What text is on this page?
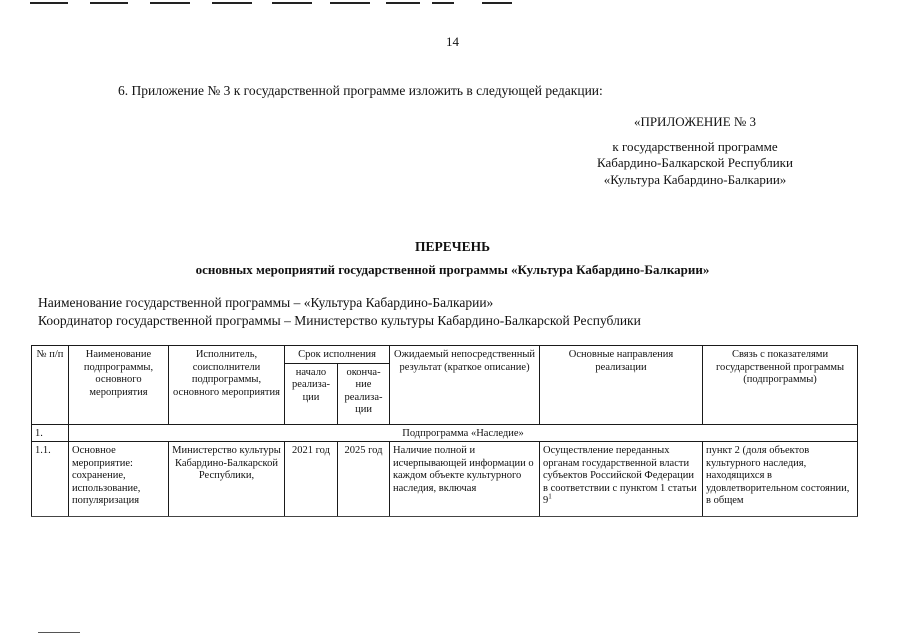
14
6. Приложение № 3 к государственной программе изложить в следующей редакции:
«ПРИЛОЖЕНИЕ № 3
к государственной программе
Кабардино-Балкарской Республики
«Культура Кабардино-Балкарии»
ПЕРЕЧЕНЬ
основных мероприятий государственной программы «Культура Кабардино-Балкарии»
Наименование государственной программы – «Культура Кабардино-Балкарии»
Координатор государственной программы – Министерство культуры Кабардино-Балкарской Республики
№ п/п	Наименование подпрограммы, основного мероприятия	Исполнитель, соисполнители подпрограммы, основного мероприятия	Срок исполнения		Ожидаемый непосредственный результат (краткое описание)	Основные направления реализации	Связь с показателями государственной программы (подпрограммы)
			начало реализа- ции	оконча- ние реализа- ции			
1.	Подпрограмма «Наследие»						
1.1.	Основное мероприятие: сохранение, использование, популяризация	Министерство культуры Кабардино-Балкарской Республики,	2021 год	2025 год	Наличие полной и исчерпывающей информации о каждом объекте культурного наследия, включая	Осуществление переданных органам государственной власти субъектов Российской Федерации в соответствии с пунктом 1 статьи $9^1$	пункт 2 (доля объектов культурного наследия, находящихся в удовлетворительном состоянии, в общем
